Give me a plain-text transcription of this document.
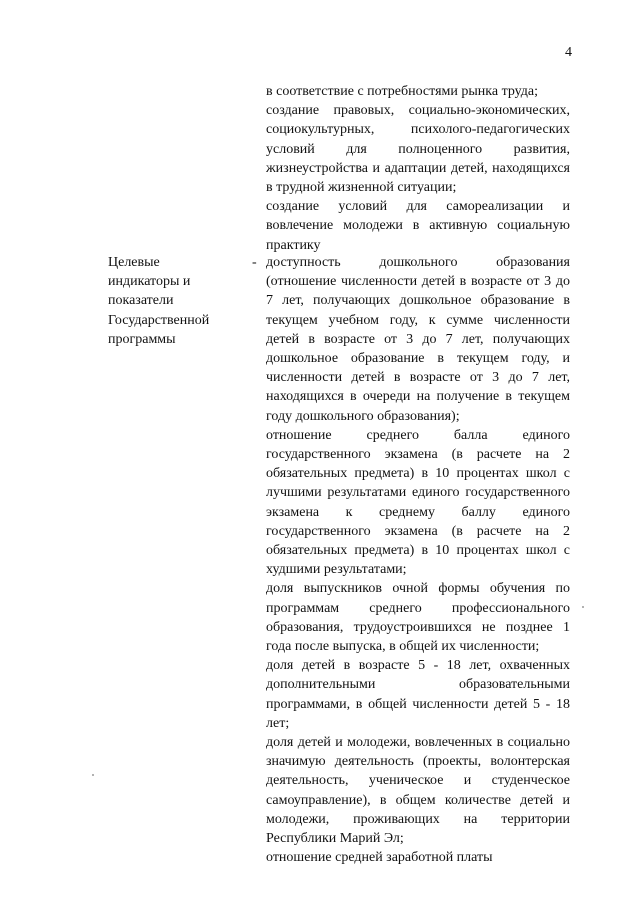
4

в соответствие с потребностями рынка труда;

создание правовых, социально-экономических, социокультурных, психолого-педагогических условий для полноценного развития, жизнеустройства и адаптации детей, находящихся в трудной жизненной ситуации;

создание условий для самореализации и вовлечение молодежи в активную социальную практику

Целевые
индикаторы и
показатели
Государственной
программы
- доступность дошкольного образования (отношение численности детей в возрасте от 3 до 7 лет, получающих дошкольное образование в текущем учебном году, к сумме численности детей в возрасте от 3 до 7 лет, получающих дошкольное образование в текущем году, и численности детей в возрасте от 3 до 7 лет, находящихся в очереди на получение в текущем году дошкольного образования);

отношение среднего балла единого государственного экзамена (в расчете на 2 обязательных предмета) в 10 процентах школ с лучшими результатами единого государственного экзамена к среднему баллу единого государственного экзамена (в расчете на 2 обязательных предмета) в 10 процентах школ с худшими результатами;

доля выпускников очной формы обучения по программам среднего профессионального образования, трудоустроившихся не позднее 1 года после выпуска, в общей их численности;

доля детей в возрасте 5 - 18 лет, охваченных дополнительными образовательными программами, в общей численности детей 5 - 18 лет;

доля детей и молодежи, вовлеченных в социально значимую деятельность (проекты, волонтерская деятельность, ученическое и студенческое самоуправление), в общем количестве детей и молодежи, проживающих на территории Республики Марий Эл;

отношение средней заработной платы
